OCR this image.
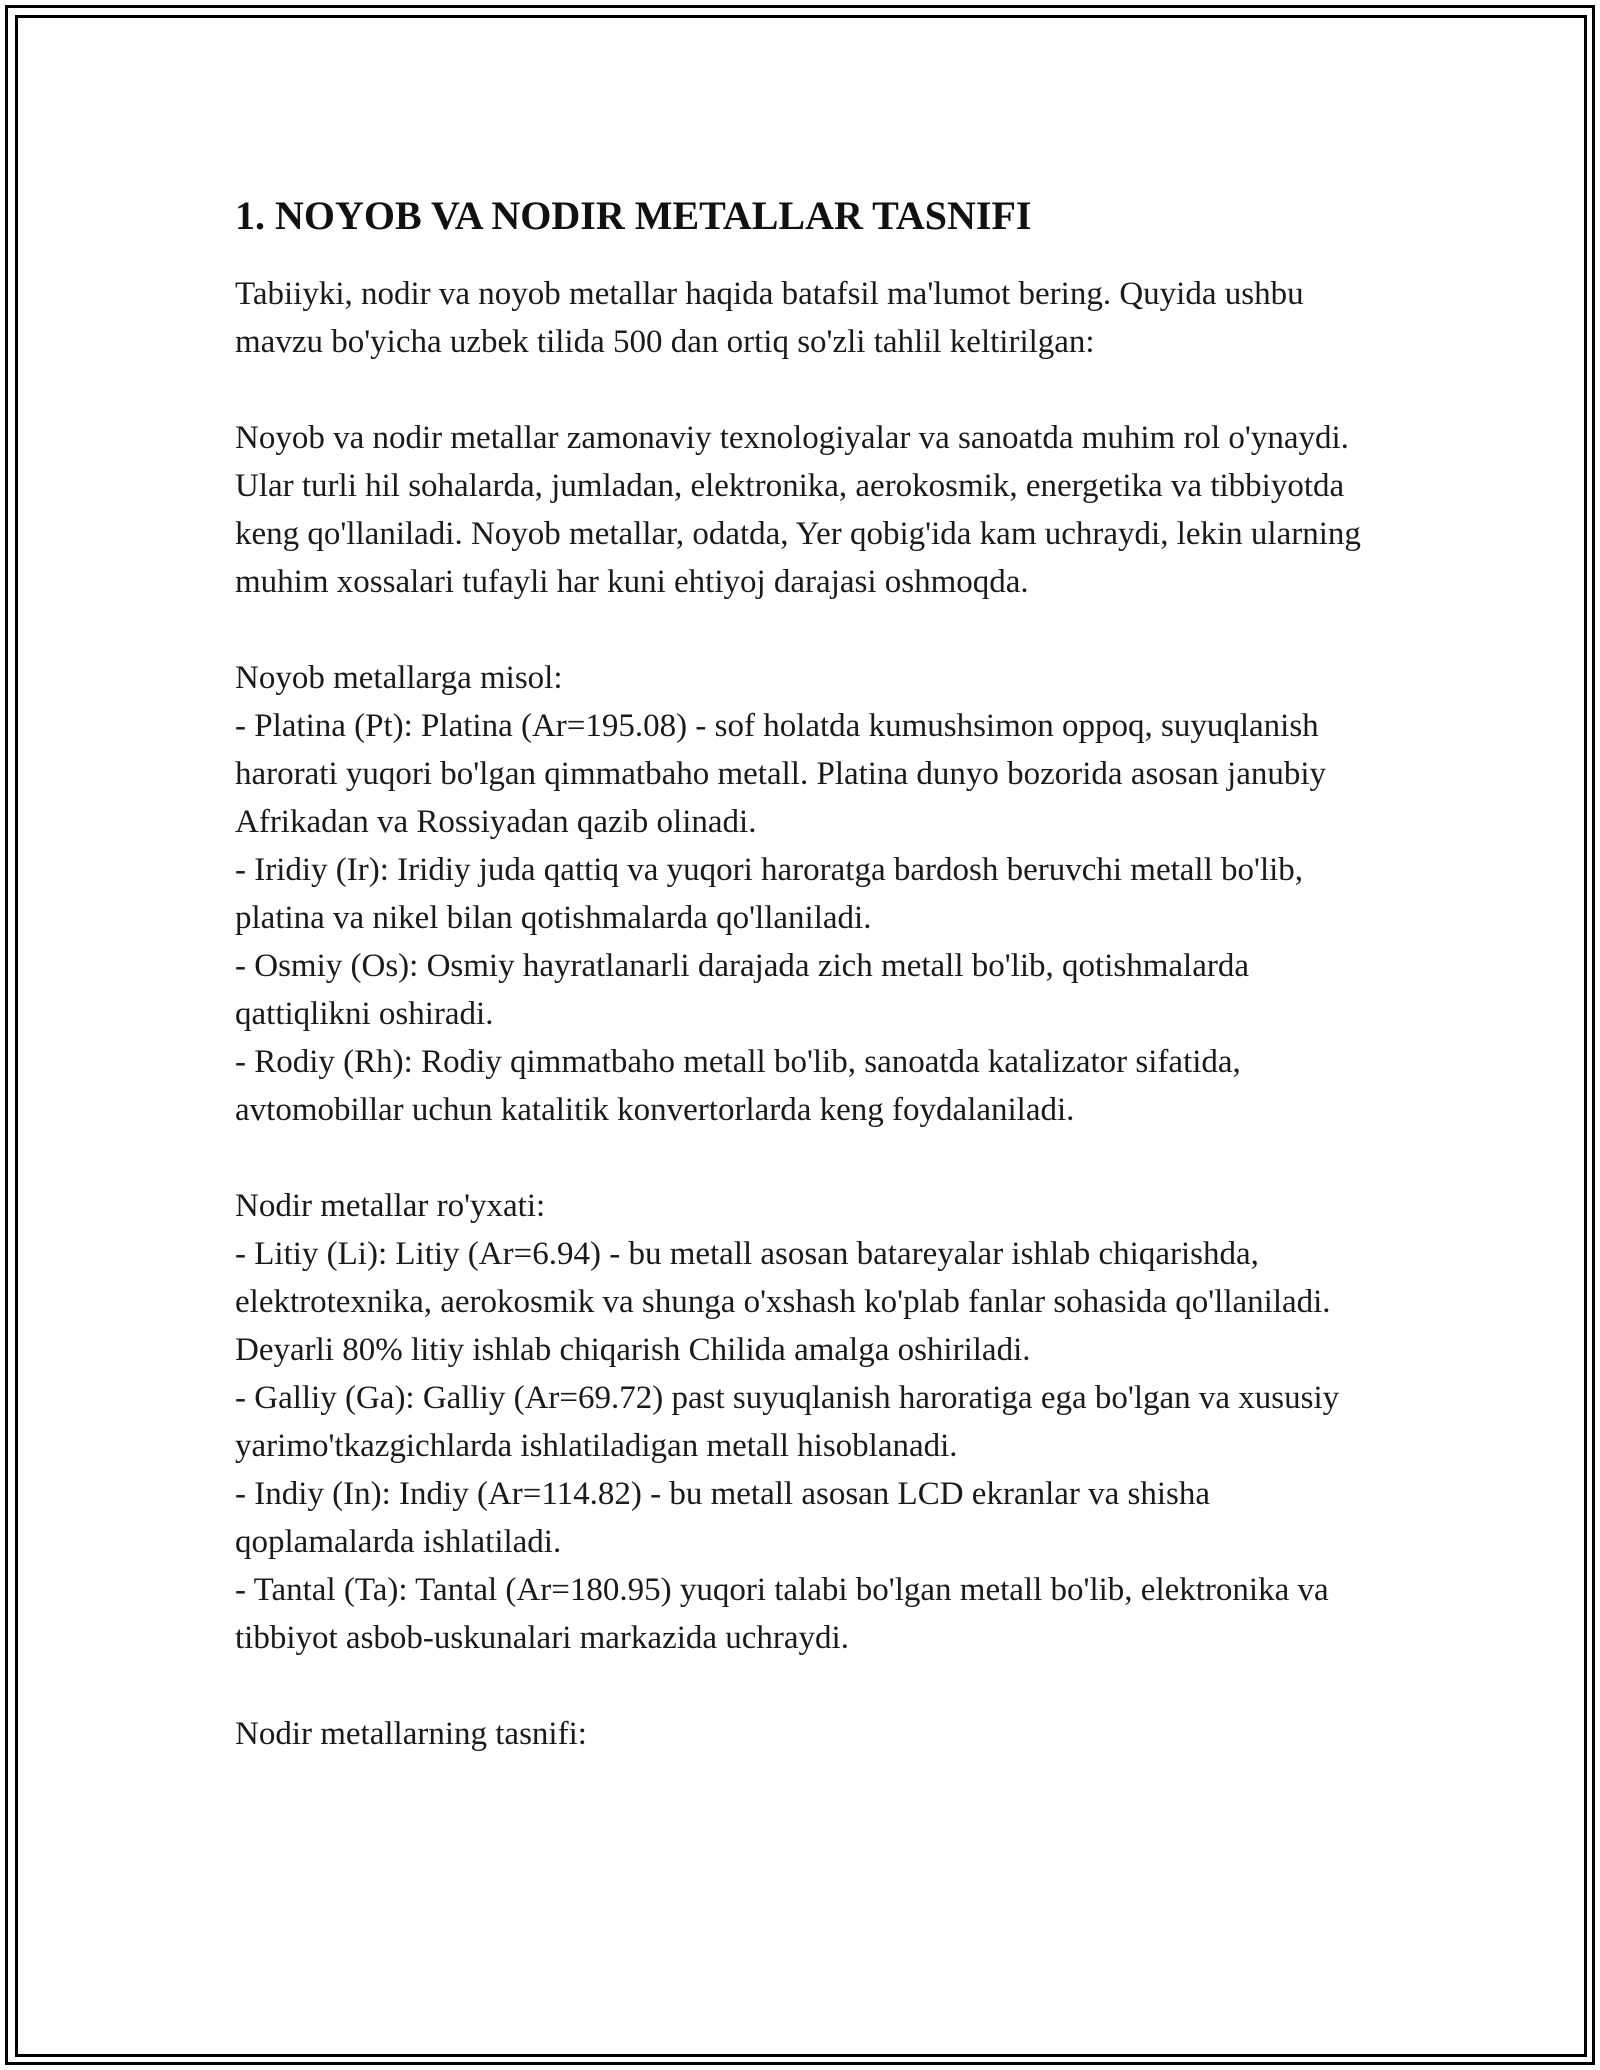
1. NOYOB VA NODIR METALLAR TASNIFI

Tabiiyki, nodir va noyob metallar haqida batafsil ma'lumot bering. Quyida ushbu mavzu bo'yicha uzbek tilida 500 dan ortiq so'zli tahlil keltirilgan:

Noyob va nodir metallar zamonaviy texnologiyalar va sanoatda muhim rol o'ynaydi. Ular turli hil sohalarda, jumladan, elektronika, aerokosmik, energetika va tibbiyotda keng qo'llaniladi. Noyob metallar, odatda, Yer qobig'ida kam uchraydi, lekin ularning muhim xossalari tufayli har kuni ehtiyoj darajasi oshmoqda.

Noyob metallarga misol:
- Platina (Pt): Platina (Ar=195.08) - sof holatda kumushsimon oppoq, suyuqlanish harorati yuqori bo'lgan qimmatbaho metall. Platina dunyo bozorida asosan janubiy Afrikadan va Rossiyadan qazib olinadi.
- Iridiy (Ir): Iridiy juda qattiq va yuqori haroratga bardosh beruvchi metall bo'lib, platina va nikel bilan qotishmalarda qo'llaniladi.
- Osmiy (Os): Osmiy hayratlanarli darajada zich metall bo'lib, qotishmalarda qattiqlikni oshiradi.
- Rodiy (Rh): Rodiy qimmatbaho metall bo'lib, sanoatda katalizator sifatida, avtomobillar uchun katalitik konvertorlarda keng foydalaniladi.

Nodir metallar ro'yxati:
- Litiy (Li): Litiy (Ar=6.94) - bu metall asosan batareyalar ishlab chiqarishda, elektrotexnika, aerokosmik va shunga o'xshash ko'plab fanlar sohasida qo'llaniladi. Deyarli 80% litiy ishlab chiqarish Chilida amalga oshiriladi.
- Galliy (Ga): Galliy (Ar=69.72) past suyuqlanish haroratiga ega bo'lgan va xususiy yarimo'tkazgichlarda ishlatiladigan metall hisoblanadi.
- Indiy (In): Indiy (Ar=114.82) - bu metall asosan LCD ekranlar va shisha qoplamalarda ishlatiladi.
- Tantal (Ta): Tantal (Ar=180.95) yuqori talabi bo'lgan metall bo'lib, elektronika va tibbiyot asbob-uskunalari markazida uchraydi.

Nodir metallarning tasnifi:
